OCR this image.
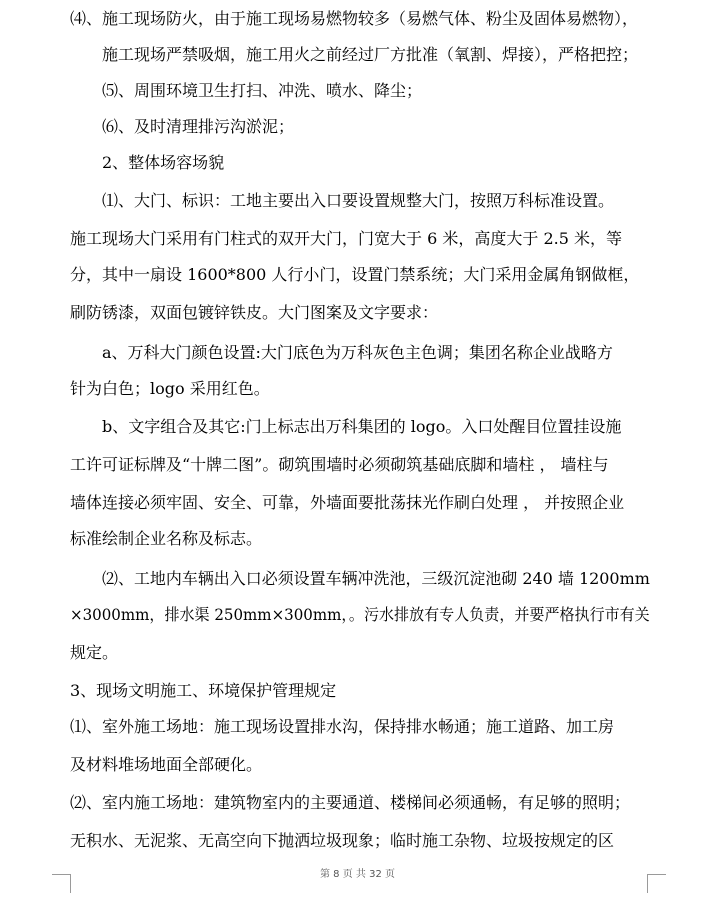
⑷、施工现场防火，由于施工现场易燃物较多（易燃气体、粉尘及固体易燃物），
施工现场严禁吸烟，施工用火之前经过厂方批准（氧割、焊接），严格把控；
⑸、周围环境卫生打扫、冲洗、喷水、降尘；
⑹、及时清理排污沟淤泥；
2、整体场容场貌
⑴、大门、标识：工地主要出入口要设置规整大门，按照万科标准设置。
施工现场大门采用有门柱式的双开大门，门宽大于 6 米，高度大于 2.5 米，等
分，其中一扇设 1600*800 人行小门，设置门禁系统；大门采用金属角钢做框，
刷防锈漆，双面包镀锌铁皮。大门图案及文字要求：
a、万科大门颜色设置:大门底色为万科灰色主色调；集团名称企业战略方
针为白色；logo 采用红色。
b、文字组合及其它:门上标志出万科集团的 logo。入口处醒目位置挂设施
工许可证标牌及“十牌二图”。砌筑围墙时必须砌筑基础底脚和墙柱 ， 墙柱与
墙体连接必须牢固、安全、可靠，外墙面要批荡抹光作刷白处理 ， 并按照企业
标准绘制企业名称及标志。
⑵、工地内车辆出入口必须设置车辆冲洗池，三级沉淀池砌 240 墙 1200mm
×3000mm，排水渠 250mm×300mm，。污水排放有专人负责，并要严格执行市有关
规定。
3、现场文明施工、环境保护管理规定
⑴、室外施工场地：施工现场设置排水沟，保持排水畅通；施工道路、加工房
及材料堆场地面全部硬化。
⑵、室内施工场地：建筑物室内的主要通道、楼梯间必须通畅，有足够的照明；
无积水、无泥浆、无高空向下抛洒垃圾现象；临时施工杂物、垃圾按规定的区
第 8 页 共 32 页
